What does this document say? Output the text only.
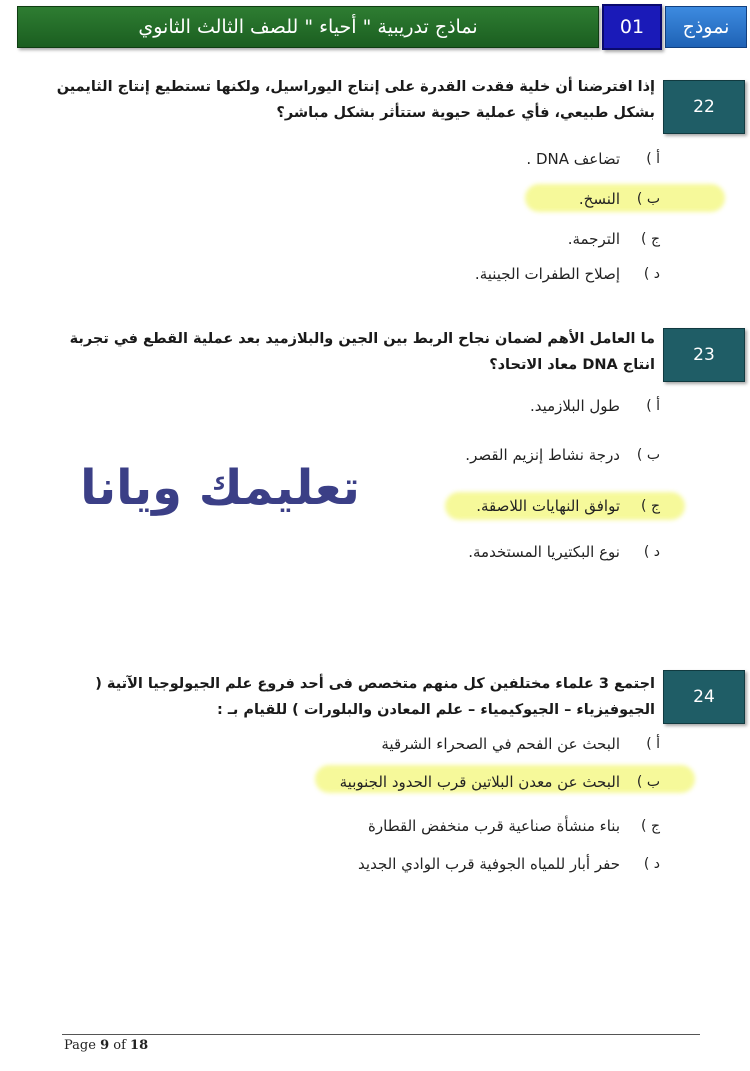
نماذج تدريبية " أحياء " للصف الثالث الثانوي	01	نموذج
22
إذا افترضنا أن خلية فقدت القدرة على إنتاج اليوراسيل، ولكنها تستطيع إنتاج الثايمين بشكل طبيعي، فأي عملية حيوية ستتأثر بشكل مباشر؟
أ )
تضاعف DNA .
ب )
النسخ.
ج )
الترجمة.
د )
إصلاح الطفرات الجينية.
23
ما العامل الأهم لضمان نجاح الربط بين الجين والبلازميد بعد عملية القطع في تجربة انتاج DNA معاد الاتحاد؟
أ )
طول البلازميد.
ب )
درجة نشاط إنزيم القصر.
ج )
توافق النهايات اللاصقة.
د )
نوع البكتيريا المستخدمة.
تعليمك ويانا
24
اجتمع 3 علماء مختلفين كل منهم متخصص فى أحد فروع علم الجيولوجيا الآتية ( الجيوفيزياء – الجيوكيمياء – علم المعادن والبلورات ) للقيام بـ :
أ )
البحث عن الفحم في الصحراء الشرقية
ب )
البحث عن معدن البلاتين قرب الحدود الجنوبية
ج )
بناء منشأة صناعية قرب منخفض القطارة
د )
حفر أبار للمياه الجوفية قرب الوادي الجديد
Page 9 of 18
